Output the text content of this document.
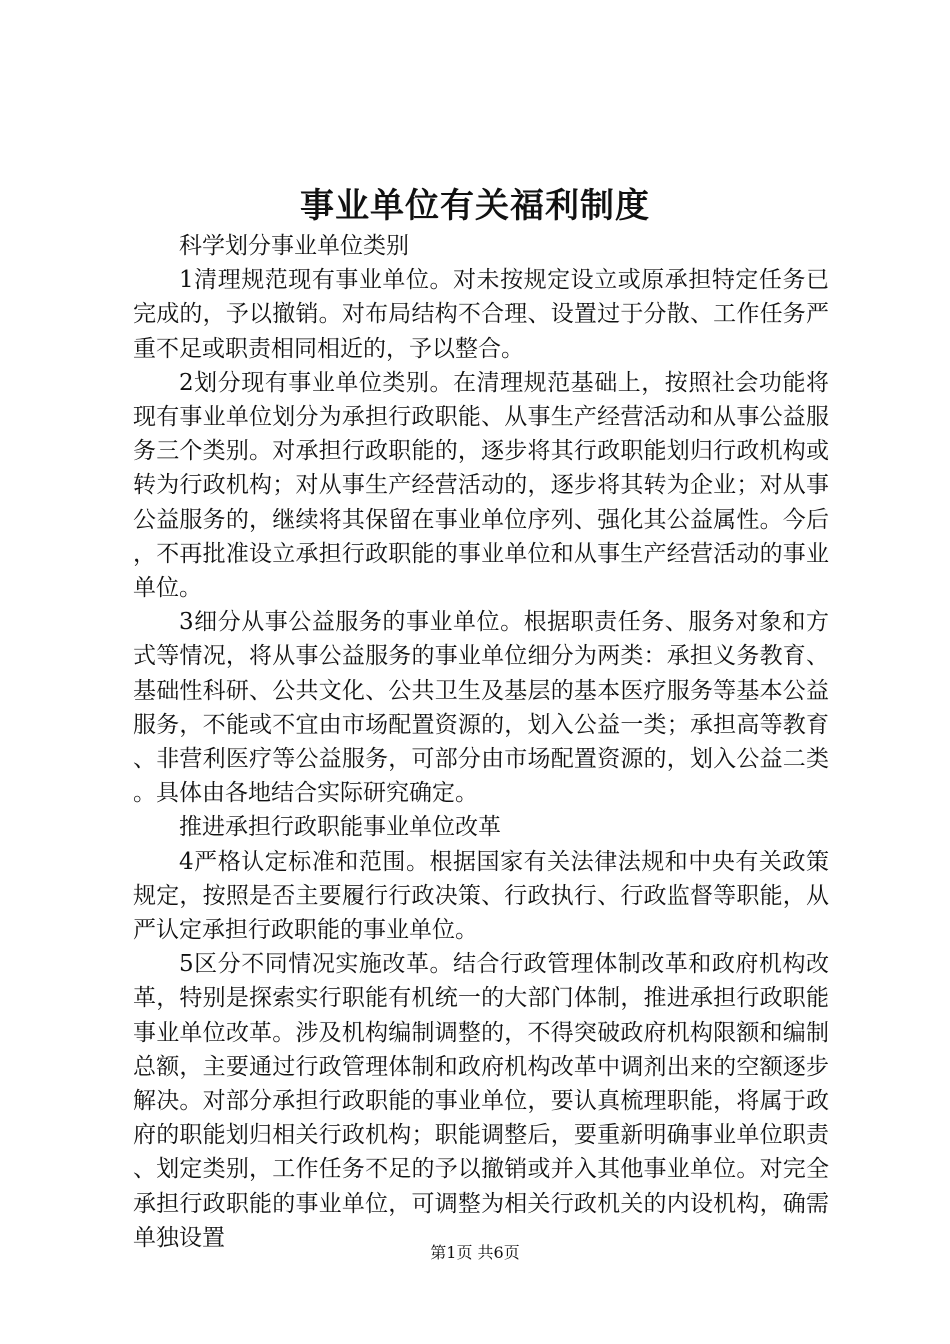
事业单位有关福利制度

科学划分事业单位类别

1清理规范现有事业单位。对未按规定设立或原承担特定任务已完成的，予以撤销。对布局结构不合理、设置过于分散、工作任务严重不足或职责相同相近的，予以整合。

2划分现有事业单位类别。在清理规范基础上，按照社会功能将现有事业单位划分为承担行政职能、从事生产经营活动和从事公益服务三个类别。对承担行政职能的，逐步将其行政职能划归行政机构或转为行政机构；对从事生产经营活动的，逐步将其转为企业；对从事公益服务的，继续将其保留在事业单位序列、强化其公益属性。今后，不再批准设立承担行政职能的事业单位和从事生产经营活动的事业单位。

3细分从事公益服务的事业单位。根据职责任务、服务对象和方式等情况，将从事公益服务的事业单位细分为两类：承担义务教育、基础性科研、公共文化、公共卫生及基层的基本医疗服务等基本公益服务，不能或不宜由市场配置资源的，划入公益一类；承担高等教育、非营利医疗等公益服务，可部分由市场配置资源的，划入公益二类。具体由各地结合实际研究确定。

推进承担行政职能事业单位改革

4严格认定标准和范围。根据国家有关法律法规和中央有关政策规定，按照是否主要履行行政决策、行政执行、行政监督等职能，从严认定承担行政职能的事业单位。

5区分不同情况实施改革。结合行政管理体制改革和政府机构改革，特别是探索实行职能有机统一的大部门体制，推进承担行政职能事业单位改革。涉及机构编制调整的，不得突破政府机构限额和编制总额，主要通过行政管理体制和政府机构改革中调剂出来的空额逐步解决。对部分承担行政职能的事业单位，要认真梳理职能，将属于政府的职能划归相关行政机构；职能调整后，要重新明确事业单位职责、划定类别，工作任务不足的予以撤销或并入其他事业单位。对完全承担行政职能的事业单位，可调整为相关行政机关的内设机构，确需单独设置

第1页 共6页
